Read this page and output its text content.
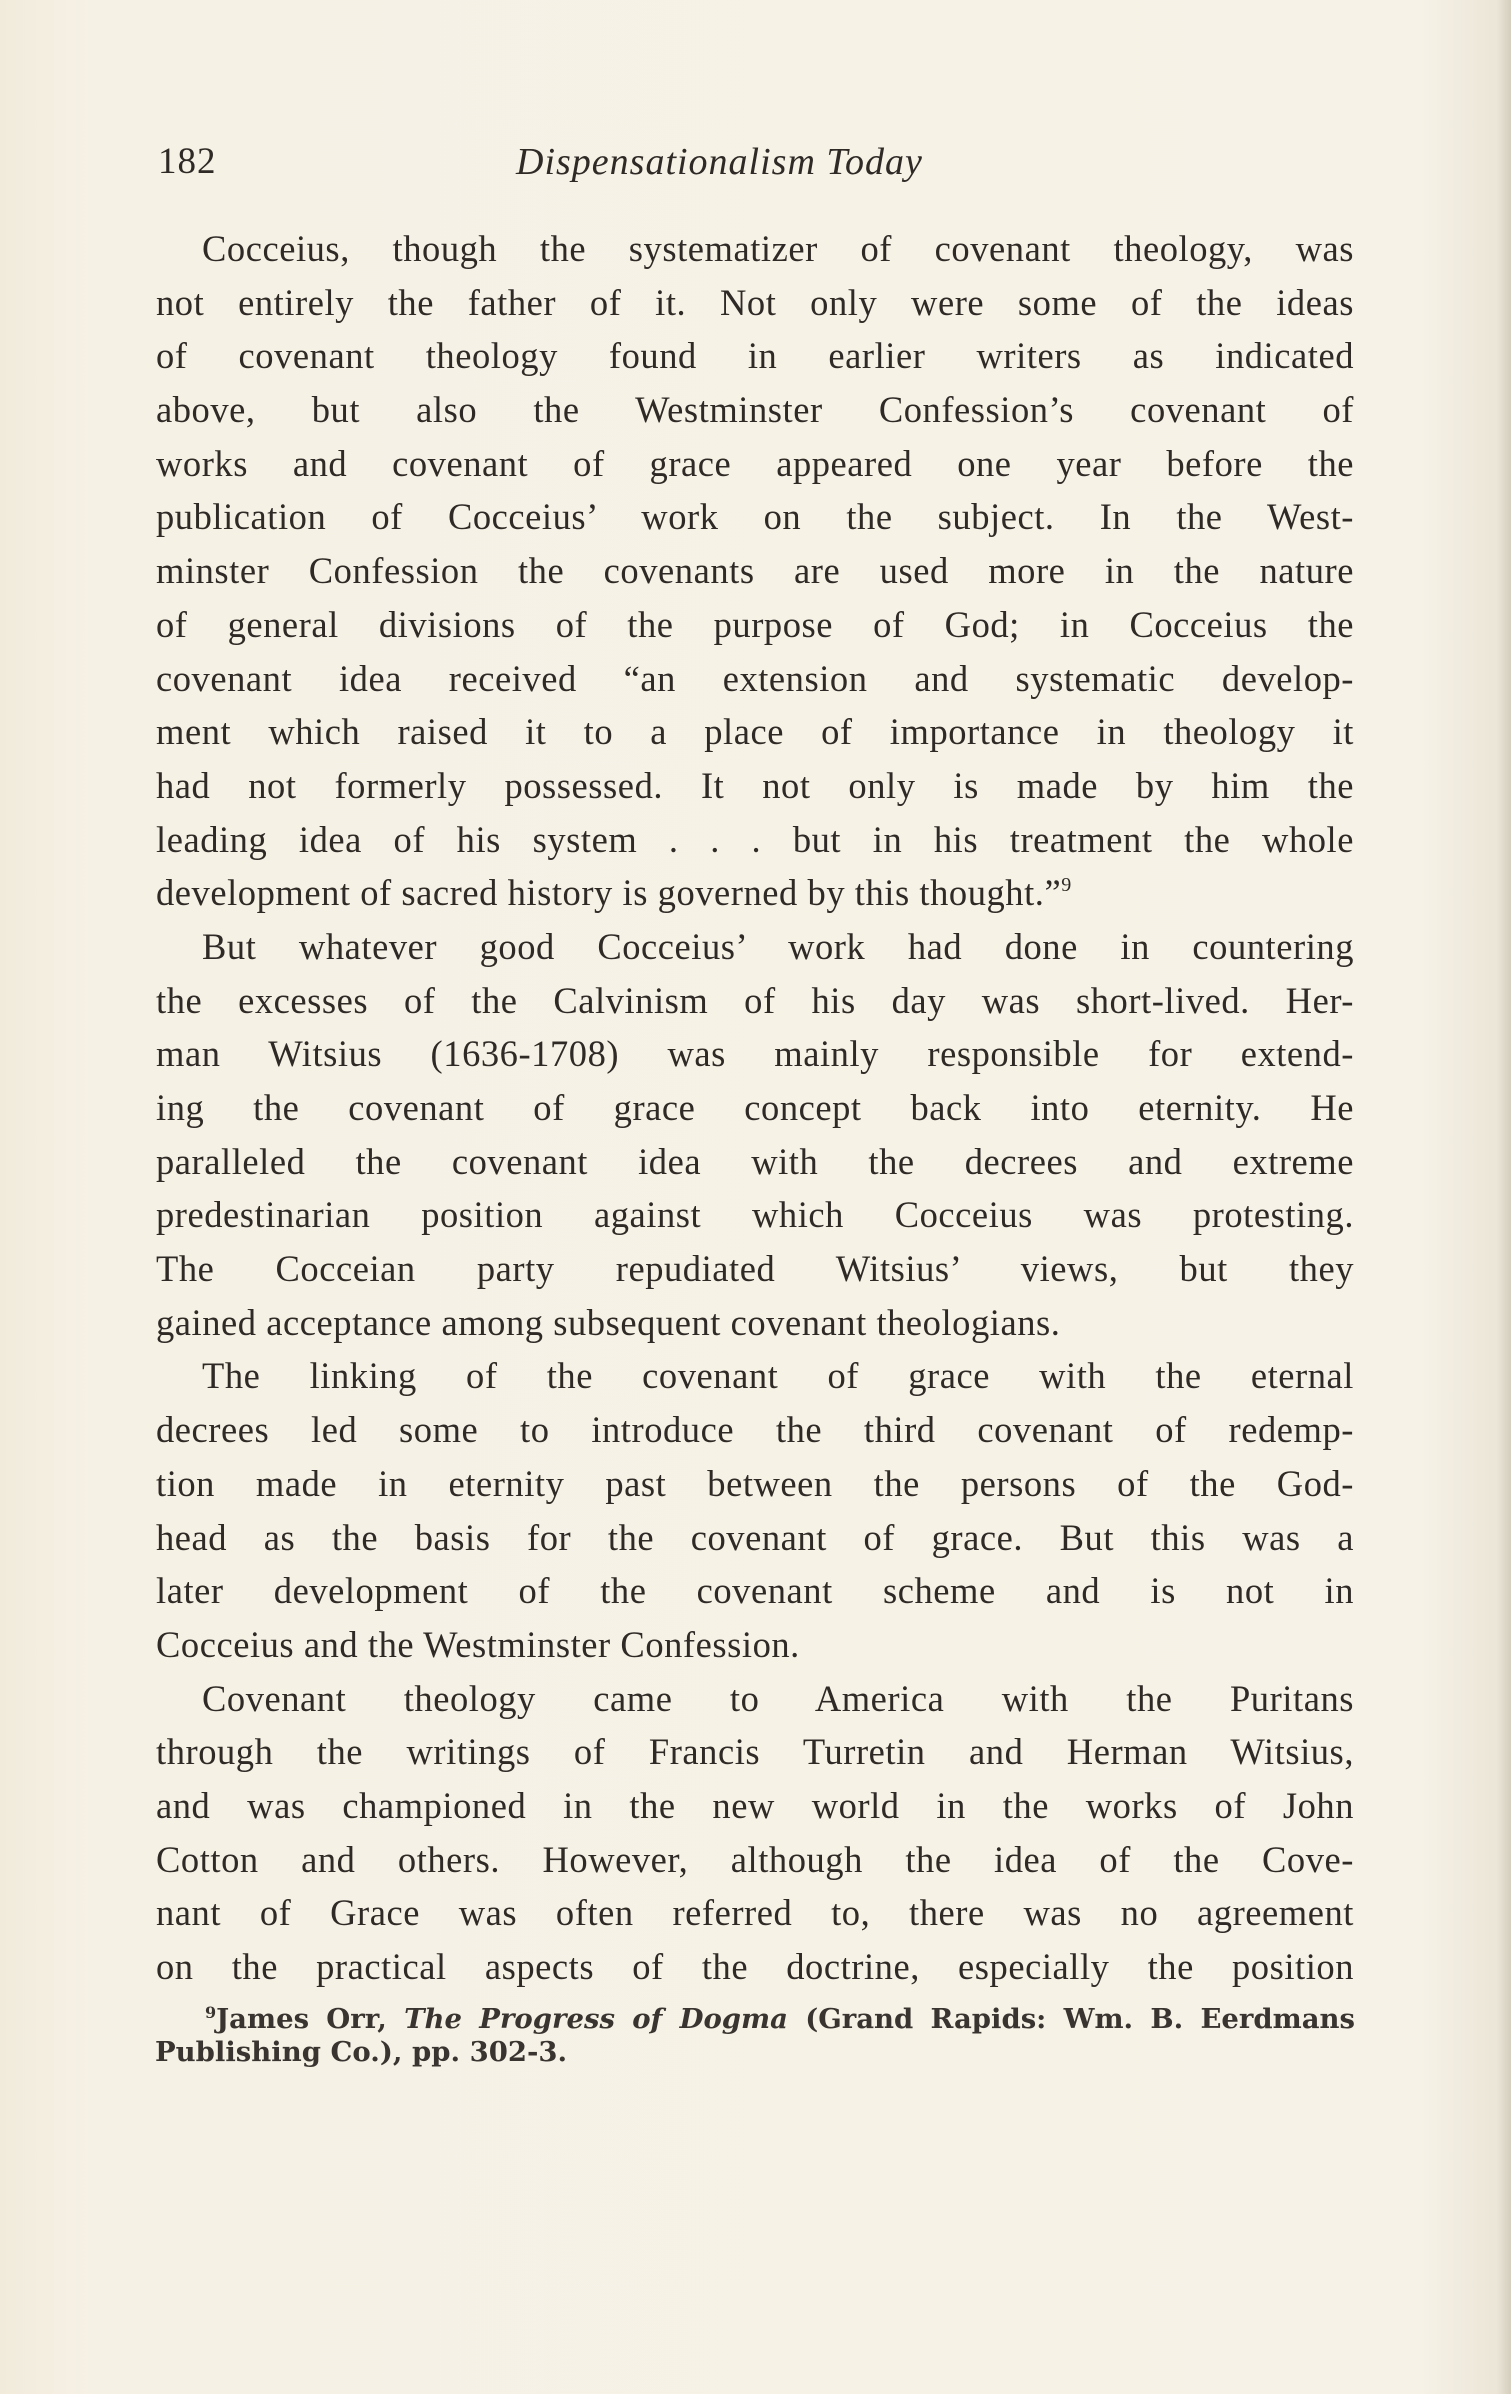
182	Dispensationalism Today
Cocceius, though the systematizer of covenant theology, was
not entirely the father of it. Not only were some of the ideas
of covenant theology found in earlier writers as indicated
above, but also the Westminster Confession’s covenant of
works and covenant of grace appeared one year before the
publication of Cocceius’ work on the subject. In the West-
minster Confession the covenants are used more in the nature
of general divisions of the purpose of God; in Cocceius the
covenant idea received “an extension and systematic develop-
ment which raised it to a place of importance in theology it
had not formerly possessed. It not only is made by him the
leading idea of his system . . . but in his treatment the whole
development of sacred history is governed by this thought.”$^9$
But whatever good Cocceius’ work had done in countering
the excesses of the Calvinism of his day was short-lived. Her-
man Witsius (1636-1708) was mainly responsible for extend-
ing the covenant of grace concept back into eternity. He
paralleled the covenant idea with the decrees and extreme
predestinarian position against which Cocceius was protesting.
The Cocceian party repudiated Witsius’ views, but they
gained acceptance among subsequent covenant theologians.
The linking of the covenant of grace with the eternal
decrees led some to introduce the third covenant of redemp-
tion made in eternity past between the persons of the God-
head as the basis for the covenant of grace. But this was a
later development of the covenant scheme and is not in
Cocceius and the Westminster Confession.
Covenant theology came to America with the Puritans
through the writings of Francis Turretin and Herman Witsius,
and was championed in the new world in the works of John
Cotton and others. However, although the idea of the Cove-
nant of Grace was often referred to, there was no agreement
on the practical aspects of the doctrine, especially the position
$^9$James Orr, The Progress of Dogma (Grand Rapids: Wm. B. Eerdmans
Publishing Co.), pp. 302-3.
